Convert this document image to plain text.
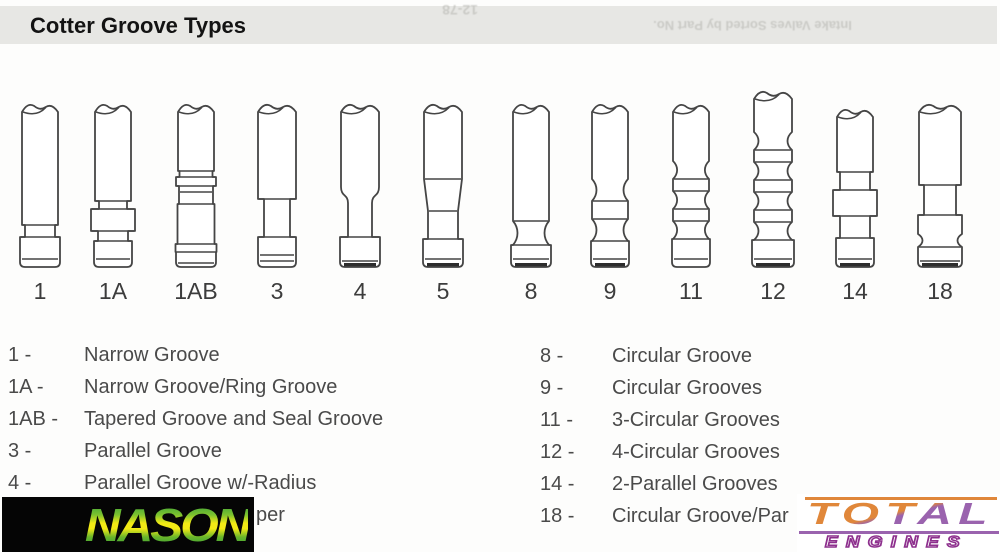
Intake Valves Sorted by Part No.
12-78
Cotter Groove Types
1	1A	1AB	3	4	5	8	9	11	12	14	18
1 -	Narrow Groove
1A - Narrow Groove/Ring Groove
1AB - Tapered Groove and Seal Groove
3 -	Parallel Groove
4 -	Parallel Groove w/-Radius
8 - Circular Groove
9 - Circular Grooves
11 - 3-Circular Grooves
12 - 4-Circular Grooves
14 - 2-Parallel Grooves
18 - Circular Groove/Par
per
NASON	TOTAL
ENGINES
